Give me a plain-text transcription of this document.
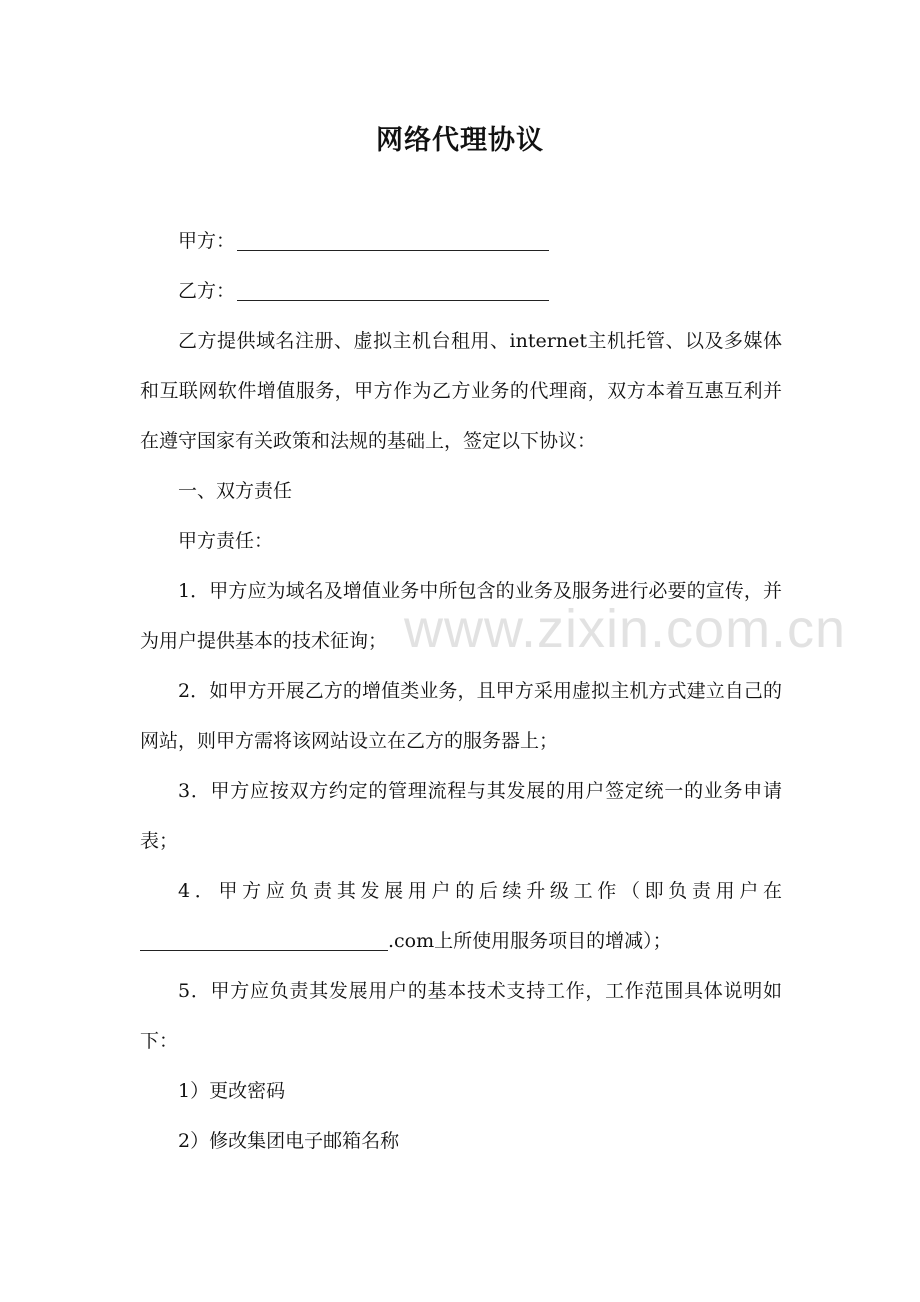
网络代理协议

甲方：

乙方：

乙方提供域名注册、虚拟主机台租用、internet主机托管、以及多媒体和互联网软件增值服务，甲方作为乙方业务的代理商，双方本着互惠互利并在遵守国家有关政策和法规的基础上，签定以下协议：

一、双方责任

甲方责任：

1．甲方应为域名及增值业务中所包含的业务及服务进行必要的宣传，并为用户提供基本的技术征询；

2．如甲方开展乙方的增值类业务，且甲方采用虚拟主机方式建立自己的网站，则甲方需将该网站设立在乙方的服务器上；

3．甲方应按双方约定的管理流程与其发展的用户签定统一的业务申请表；

4．甲方应负责其发展用户的后续升级工作（即负责用户在.com上所使用服务项目的增减）；

5．甲方应负责其发展用户的基本技术支持工作，工作范围具体说明如下：

1）更改密码

2）修改集团电子邮箱名称

www.zixin.com.cn
